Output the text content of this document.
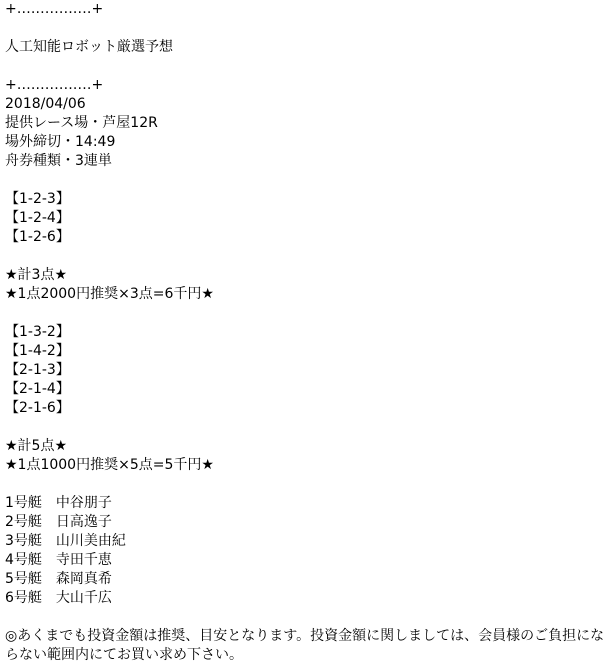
+‥‥‥‥‥‥‥‥+
人工知能ロボット厳選予想
+‥‥‥‥‥‥‥‥+
2018/04/06
提供レース場・芦屋12R
場外締切・14:49
舟券種類・3連単
【1-2-3】
【1-2-4】
【1-2-6】
★計3点★
★1点2000円推奨×3点=6千円★
【1-3-2】
【1-4-2】
【2-1-3】
【2-1-4】
【2-1-6】
★計5点★
★1点1000円推奨×5点=5千円★
1号艇　中谷朋子
2号艇　日高逸子
3号艇　山川美由紀
4号艇　寺田千恵
5号艇　森岡真希
6号艇　大山千広
◎あくまでも投資金額は推奨、目安となります。投資金額に関しましては、会員様のご負担にならない範囲内にてお買い求め下さい。
